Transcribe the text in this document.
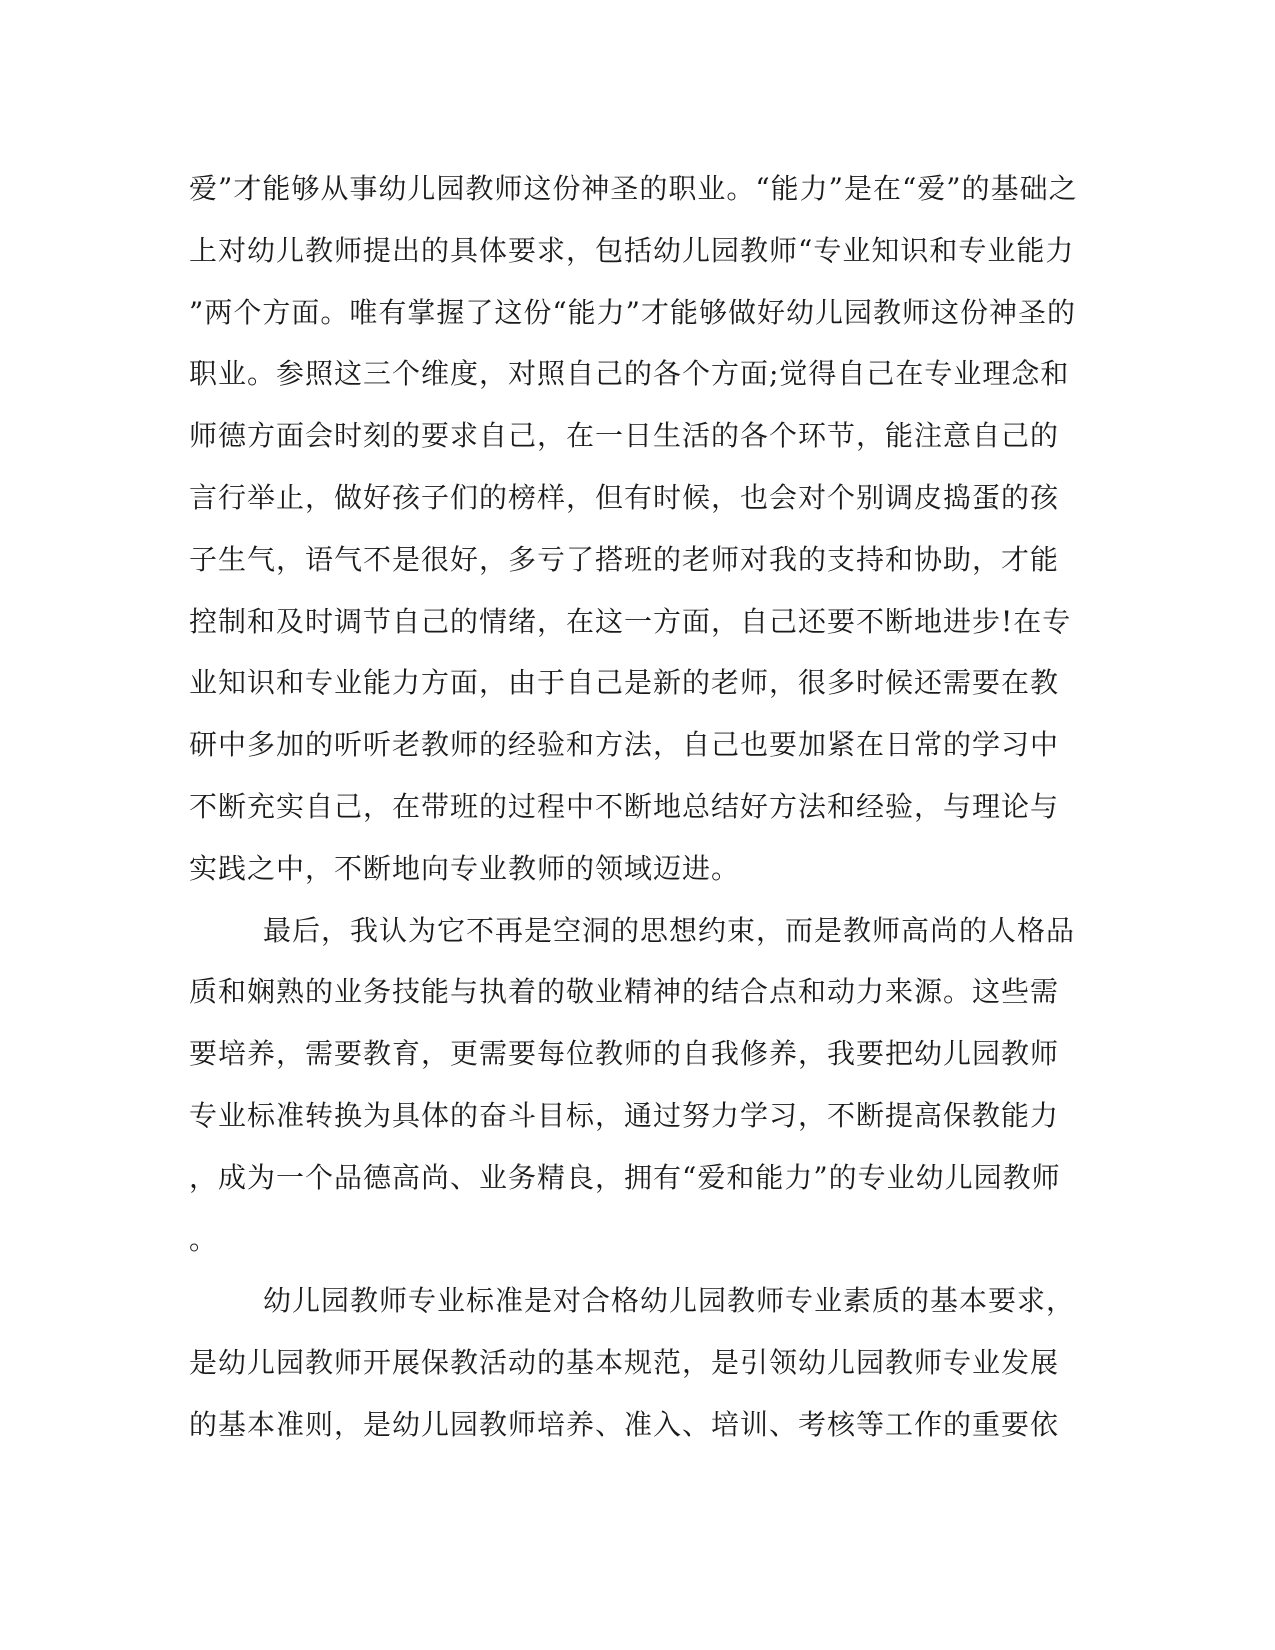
爱”才能够从事幼儿园教师这份神圣的职业。“能力”是在“爱”的基础之
上对幼儿教师提出的具体要求，包括幼儿园教师“专业知识和专业能力
”两个方面。唯有掌握了这份“能力”才能够做好幼儿园教师这份神圣的
职业。参照这三个维度，对照自己的各个方面;觉得自己在专业理念和
师德方面会时刻的要求自己，在一日生活的各个环节，能注意自己的
言行举止，做好孩子们的榜样，但有时候，也会对个别调皮捣蛋的孩
子生气，语气不是很好，多亏了搭班的老师对我的支持和协助，才能
控制和及时调节自己的情绪，在这一方面，自己还要不断地进步!在专
业知识和专业能力方面，由于自己是新的老师，很多时候还需要在教
研中多加的听听老教师的经验和方法，自己也要加紧在日常的学习中
不断充实自己，在带班的过程中不断地总结好方法和经验，与理论与
实践之中，不断地向专业教师的领域迈进。
最后，我认为它不再是空洞的思想约束，而是教师高尚的人格品
质和娴熟的业务技能与执着的敬业精神的结合点和动力来源。这些需
要培养，需要教育，更需要每位教师的自我修养，我要把幼儿园教师
专业标准转换为具体的奋斗目标，通过努力学习，不断提高保教能力
，成为一个品德高尚、业务精良，拥有“爱和能力”的专业幼儿园教师
。
幼儿园教师专业标准是对合格幼儿园教师专业素质的基本要求，
是幼儿园教师开展保教活动的基本规范，是引领幼儿园教师专业发展
的基本准则，是幼儿园教师培养、准入、培训、考核等工作的重要依
